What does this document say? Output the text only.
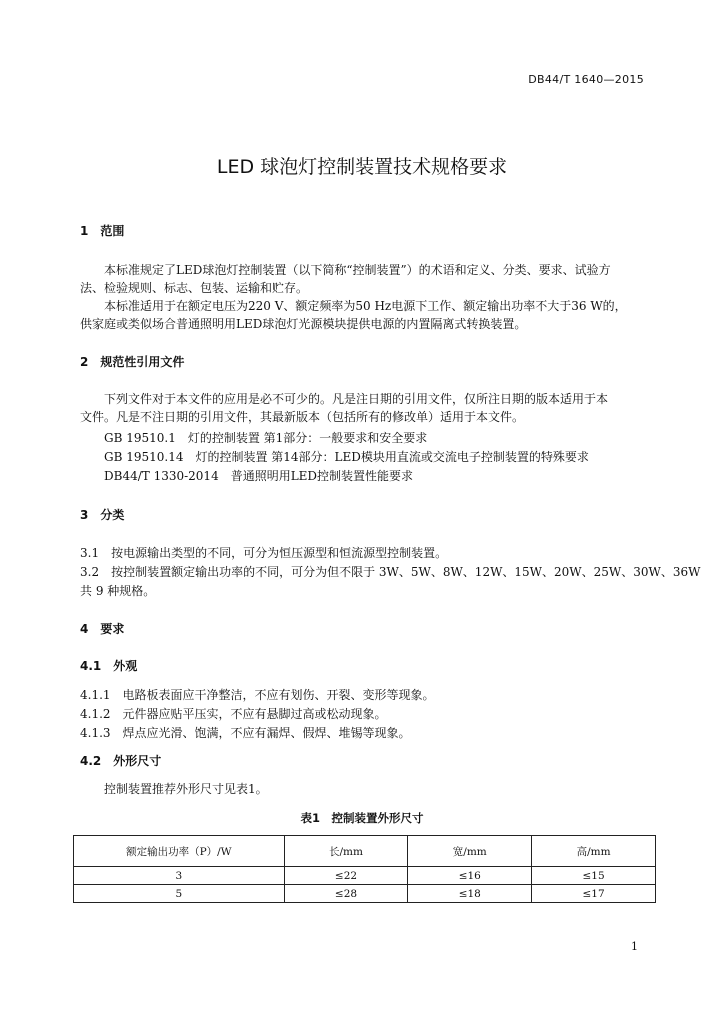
DB44/T 1640—2015
LED 球泡灯控制装置技术规格要求
1　范围
本标准规定了LED球泡灯控制装置（以下简称“控制装置”）的术语和定义、分类、要求、试验方
法、检验规则、标志、包装、运输和贮存。
本标准适用于在额定电压为220 V、额定频率为50 Hz电源下工作、额定输出功率不大于36 W的，
供家庭或类似场合普通照明用LED球泡灯光源模块提供电源的内置隔离式转换装置。
2　规范性引用文件
下列文件对于本文件的应用是必不可少的。凡是注日期的引用文件，仅所注日期的版本适用于本
文件。凡是不注日期的引用文件，其最新版本（包括所有的修改单）适用于本文件。
GB 19510.1　灯的控制装置 第1部分：一般要求和安全要求
GB 19510.14　灯的控制装置 第14部分：LED模块用直流或交流电子控制装置的特殊要求
DB44/T 1330-2014　普通照明用LED控制装置性能要求
3　分类
3.1　按电源输出类型的不同，可分为恒压源型和恒流源型控制装置。
3.2　按控制装置额定输出功率的不同，可分为但不限于 3W、5W、8W、12W、15W、20W、25W、30W、36W
共 9 种规格。
4　要求
4.1　外观
4.1.1　电路板表面应干净整洁，不应有划伤、开裂、变形等现象。
4.1.2　元件器应贴平压实，不应有悬脚过高或松动现象。
4.1.3　焊点应光滑、饱满，不应有漏焊、假焊、堆锡等现象。
4.2　外形尺寸
控制装置推荐外形尺寸见表1。
表1　控制装置外形尺寸
额定输出功率（P）/W	长/mm	宽/mm	高/mm
3	≤22	≤16	≤15
5	≤28	≤18	≤17
1
